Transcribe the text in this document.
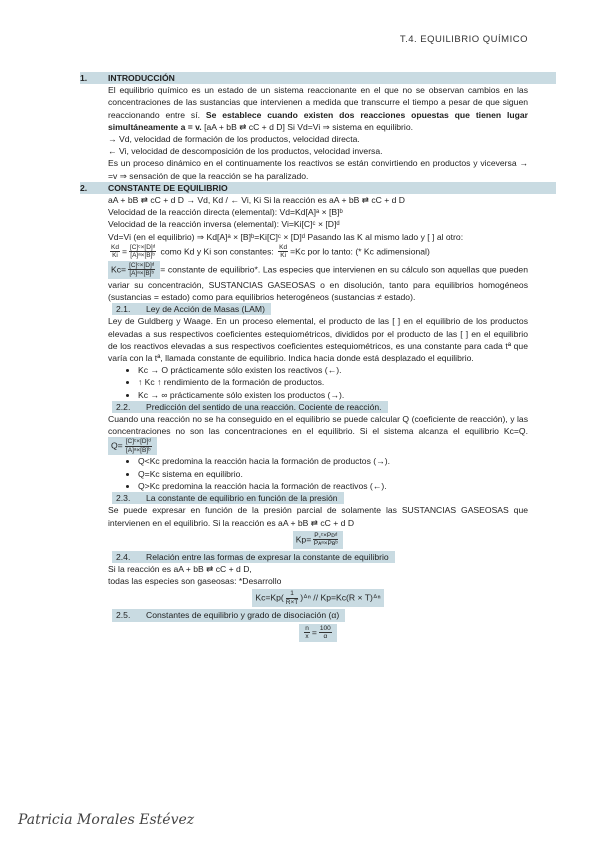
T.4. EQUILIBRIO QUÍMICO
1.	INTRODUCCIÓN

El equilibrio químico es un estado de un sistema reaccionante en el que no se observan cambios en las concentraciones de las sustancias que intervienen a medida que transcurre el tiempo a pesar de que siguen reaccionando entre sí. Se establece cuando existen dos reacciones opuestas que tienen lugar simultáneamente a = v. [aA + bB ⇄ cC + d D] Si Vd=Vi ⇒ sistema en equilibrio.

→ Vd, velocidad de formación de los productos, velocidad directa.

← Vi, velocidad de descomposición de los productos, velocidad inversa.

Es un proceso dinámico en el continuamente los reactivos se están convirtiendo en productos y viceversa → =v ⇒ sensación de que la reacción se ha paralizado.

2.	CONSTANTE DE EQUILIBRIO

aA + bB ⇄ cC + d D → Vd, Kd / ← Vi, Ki Si la reacción es aA + bB ⇄ cC + d D

Velocidad de la reacción directa (elemental): Vd=Kd[A]ᵃ × [B]ᵇ

Velocidad de la reacción inversa (elemental): Vi=Ki[C]ᶜ × [D]ᵈ

Vd=Vi (en el equilibrio) ⇒ Kd[A]ᵃ × [B]ᵇ=Ki[C]ᶜ × [D]ᵈ Pasando las K al mismo lado y [ ] al otro:

$\frac{Kd}{Ki} = \frac{\text{[C]ᶜ×[D]ᵈ}}{\text{[A]ᵃ×[B]ᵇ}}$ como Kd y Ki son constantes: $\frac{Kd}{Ki} =Kc$ por lo tanto: (* Kc adimensional)

$Kc= \frac{\text{[C]ᶜ×[D]ᵈ}}{\text{[A]ᵃ×[B]ᵇ}}$ = constante de equilibrio*. Las especies que intervienen en su cálculo son aquellas que pueden variar su concentración, SUSTANCIAS GASEOSAS o en disolución, tanto para equilibrios homogéneos (sustancias = estado) como para equilibrios heterogéneos (sustancias ≠ estado).

2.1. Ley de Acción de Masas (LAM)

Ley de Guldberg y Waage. En un proceso elemental, el producto de las [ ] en el equilibrio de los productos elevadas a sus respectivos coeficientes estequiométricos, divididos por el producto de las [ ] en el equilibrio de los reactivos elevadas a sus respectivos coeficientes estequiométricos, es una constante para cada tª que varía con la tª, llamada constante de equilibrio. Indica hacia donde está desplazado el equilibrio.

• Kc → O prácticamente sólo existen los reactivos (←).
• ↑ Kc ↑ rendimiento de la formación de productos.
• Kc → ∞ prácticamente sólo existen los productos (→).
2.2. Predicción del sentido de una reacción. Cociente de reacción.

Cuando una reacción no se ha conseguido en el equilibrio se puede calcular Q (coeficiente de reacción), y las concentraciones no son las concentraciones en el equilibrio. Si el sistema alcanza el equilibrio Kc=Q. $Q= \frac{\text{[C]ᶜ×[D]ᵈ}}{\text{[A]ᵃ×[B]ᵇ}}$

• Q<Kc predomina la reacción hacia la formación de productos (→).
• Q=Kc sistema en equilibrio.
• Q>Kc predomina la reacción hacia la formación de reactivos (←).
2.3. La constante de equilibrio en función de la presión

Se puede expresar en función de la presión parcial de solamente las SUSTANCIAS GASEOSAS que intervienen en el equilibrio. Si la reacción es aA + bB ⇄ cC + d D

$Kp= \frac{\text{P꜀ᶜ×Pᴅᵈ}}{\text{Pᴀᵃ×Pʙᵇ}}$
2.4. Relación entre las formas de expresar la constante de equilibrio

Si la reacción es aA + bB ⇄ cC + d D,

todas las especies son gaseosas: *Desarrollo

$Kc=Kp( \frac{1}{R\times T}$ )ᐞⁿ // Kp=Kc(R × T)ᐞⁿ
2.5. Constantes de equilibrio y grado de disociación (α)
$\frac{n}{x} = \frac{100}{\alpha}$
Patricia Morales Estévez
